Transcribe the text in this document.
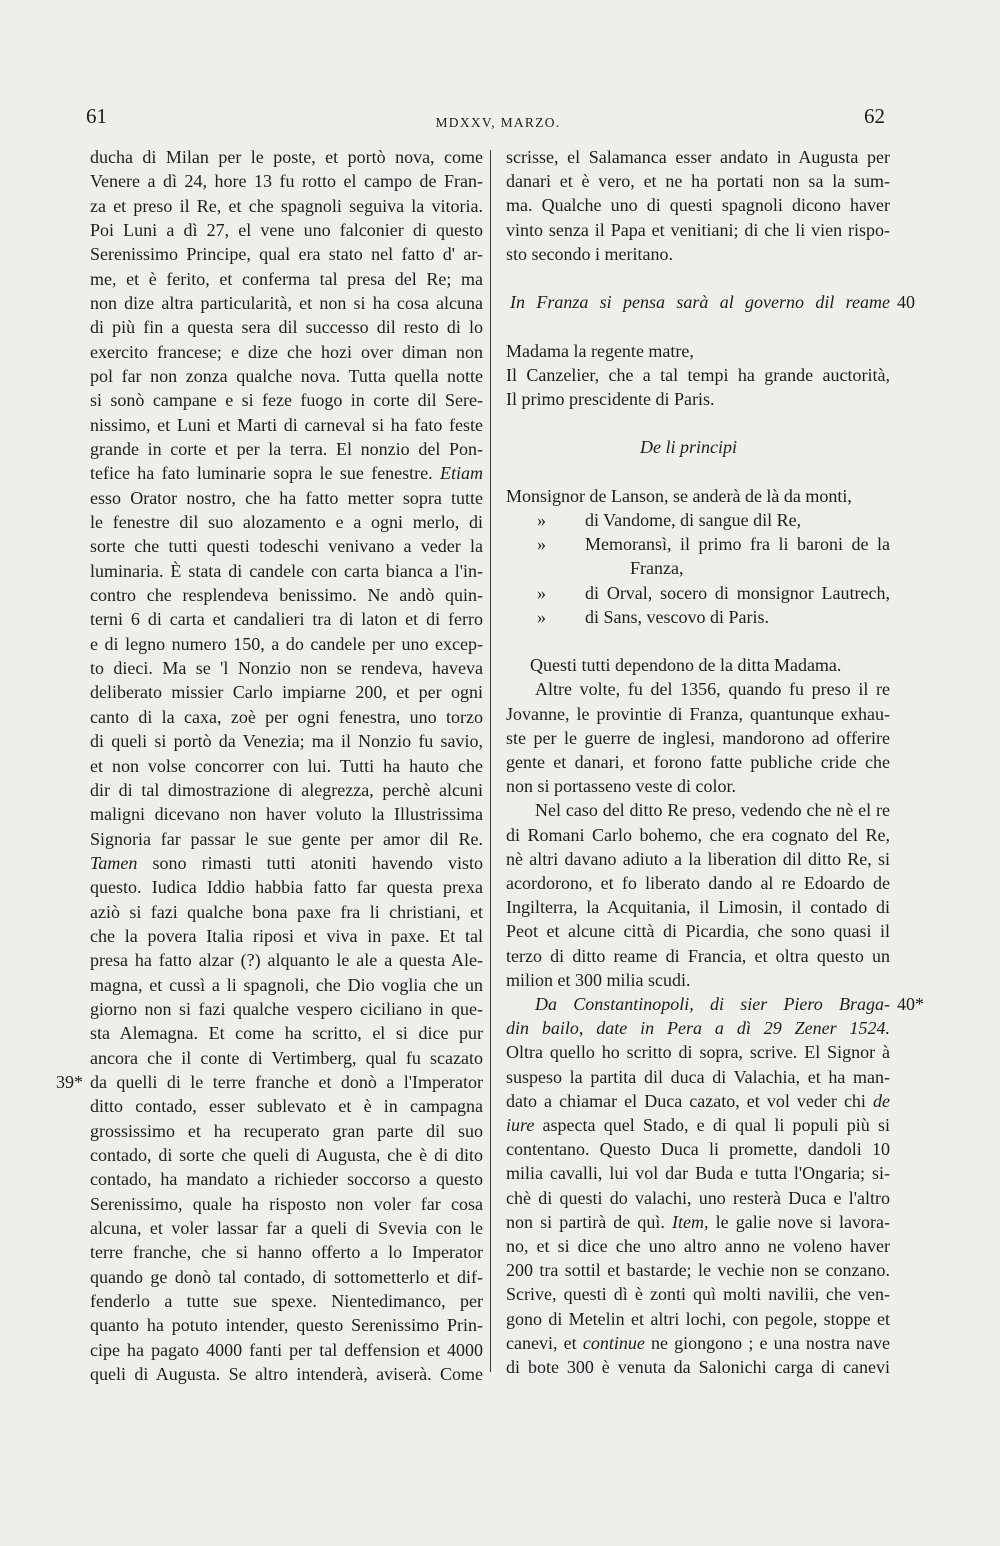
61	MDXXV, MARZO.	62
39*
40
40*
ducha di Milan per le poste, et portò nova, come
Venere a dì 24, hore 13 fu rotto el campo de Fran-
za et preso il Re, et che spagnoli seguiva la vitoria.
Poi Luni a dì 27, el vene uno falconier di questo
Serenissimo Principe, qual era stato nel fatto d' ar-
me, et è ferito, et conferma tal presa del Re; ma
non dize altra particularità, et non si ha cosa alcuna
di più fin a questa sera dil successo dil resto di lo
exercito francese; e dize che hozi over diman non
pol far non zonza qualche nova. Tutta quella notte
si sonò campane e si feze fuogo in corte dil Sere-
nissimo, et Luni et Marti di carneval si ha fato feste
grande in corte et per la terra. El nonzio del Pon-
tefice ha fato luminarie sopra le sue fenestre. Etiam
esso Orator nostro, che ha fatto metter sopra tutte
le fenestre dil suo alozamento e a ogni merlo, di
sorte che tutti questi todeschi venivano a veder la
luminaria. È stata di candele con carta bianca a l'in-
contro che resplendeva benissimo. Ne andò quin-
terni 6 di carta et candalieri tra di laton et di ferro
e di legno numero 150, a do candele per uno excep-
to dieci. Ma se 'l Nonzio non se rendeva, haveva
deliberato missier Carlo impiarne 200, et per ogni
canto di la caxa, zoè per ogni fenestra, uno torzo
di queli si portò da Venezia; ma il Nonzio fu savio,
et non volse concorrer con lui. Tutti ha hauto che
dir di tal dimostrazione di alegrezza, perchè alcuni
maligni dicevano non haver voluto la Illustrissima
Signoria far passar le sue gente per amor dil Re.
Tamen sono rimasti tutti atoniti havendo visto
questo. Iudica Iddio habbia fatto far questa prexa
aziò si fazi qualche bona paxe fra li christiani, et
che la povera Italia riposi et viva in paxe. Et tal
presa ha fatto alzar (?) alquanto le ale a questa Ale-
magna, et cussì a li spagnoli, che Dio voglia che un
giorno non si fazi qualche vespero ciciliano in que-
sta Alemagna. Et come ha scritto, el si dice pur
ancora che il conte di Vertimberg, qual fu scazato
da quelli di le terre franche et donò a l'Imperator
ditto contado, esser sublevato et è in campagna
grossissimo et ha recuperato gran parte dil suo
contado, di sorte che queli di Augusta, che è di dito
contado, ha mandato a richieder soccorso a questo
Serenissimo, quale ha risposto non voler far cosa
alcuna, et voler lassar far a queli di Svevia con le
terre franche, che si hanno offerto a lo Imperator
quando ge donò tal contado, di sottometterlo et dif-
fenderlo a tutte sue spexe. Nientedimanco, per
quanto ha potuto intender, questo Serenissimo Prin-
cipe ha pagato 4000 fanti per tal deffension et 4000
queli di Augusta. Se altro intenderà, aviserà. Come
scrisse, el Salamanca esser andato in Augusta per
danari et è vero, et ne ha portati non sa la sum-
ma. Qualche uno di questi spagnoli dicono haver
vinto senza il Papa et venitiani; di che li vien rispo-
sto secondo i meritano.
In Franza si pensa sarà al governo dil reame
Madama la regente matre,
Il Canzelier, che a tal tempi ha grande auctorità,
Il primo prescidente di Paris.
De li principi
Monsignor de Lanson, se anderà de là da monti,
» di Vandome, di sangue dil Re,
» Memoransì, il primo fra li baroni de la
Franza,
» di Orval, socero di monsignor Lautrech,
» di Sans, vescovo di Paris.
Questi tutti dependono de la ditta Madama.
Altre volte, fu del 1356, quando fu preso il re
Jovanne, le provintie di Franza, quantunque exhau-
ste per le guerre de inglesi, mandorono ad offerire
gente et danari, et forono fatte publiche cride che
non si portasseno veste di color.
Nel caso del ditto Re preso, vedendo che nè el re
di Romani Carlo bohemo, che era cognato del Re,
nè altri davano adiuto a la liberation dil ditto Re, si
acordorono, et fo liberato dando al re Edoardo de
Ingilterra, la Acquitania, il Limosin, il contado di
Peot et alcune città di Picardia, che sono quasi il
terzo di ditto reame di Francia, et oltra questo un
milion et 300 milia scudi.
Da Constantinopoli, di sier Piero Braga-
din bailo, date in Pera a dì 29 Zener 1524.
Oltra quello ho scritto di sopra, scrive. El Signor à
suspeso la partita dil duca di Valachia, et ha man-
dato a chiamar el Duca cazato, et vol veder chi de
iure aspecta quel Stado, e di qual li populi più si
contentano. Questo Duca li promette, dandoli 10
milia cavalli, lui vol dar Buda e tutta l'Ongaria; si-
chè di questi do valachi, uno resterà Duca e l'altro
non si partirà de quì. Item, le galie nove si lavora-
no, et si dice che uno altro anno ne voleno haver
200 tra sottil et bastarde; le vechie non se conzano.
Scrive, questi dì è zonti quì molti navilii, che ven-
gono di Metelin et altri lochi, con pegole, stoppe et
canevi, et continue ne giongono ; e una nostra nave
di bote 300 è venuta da Salonichi carga di canevi
